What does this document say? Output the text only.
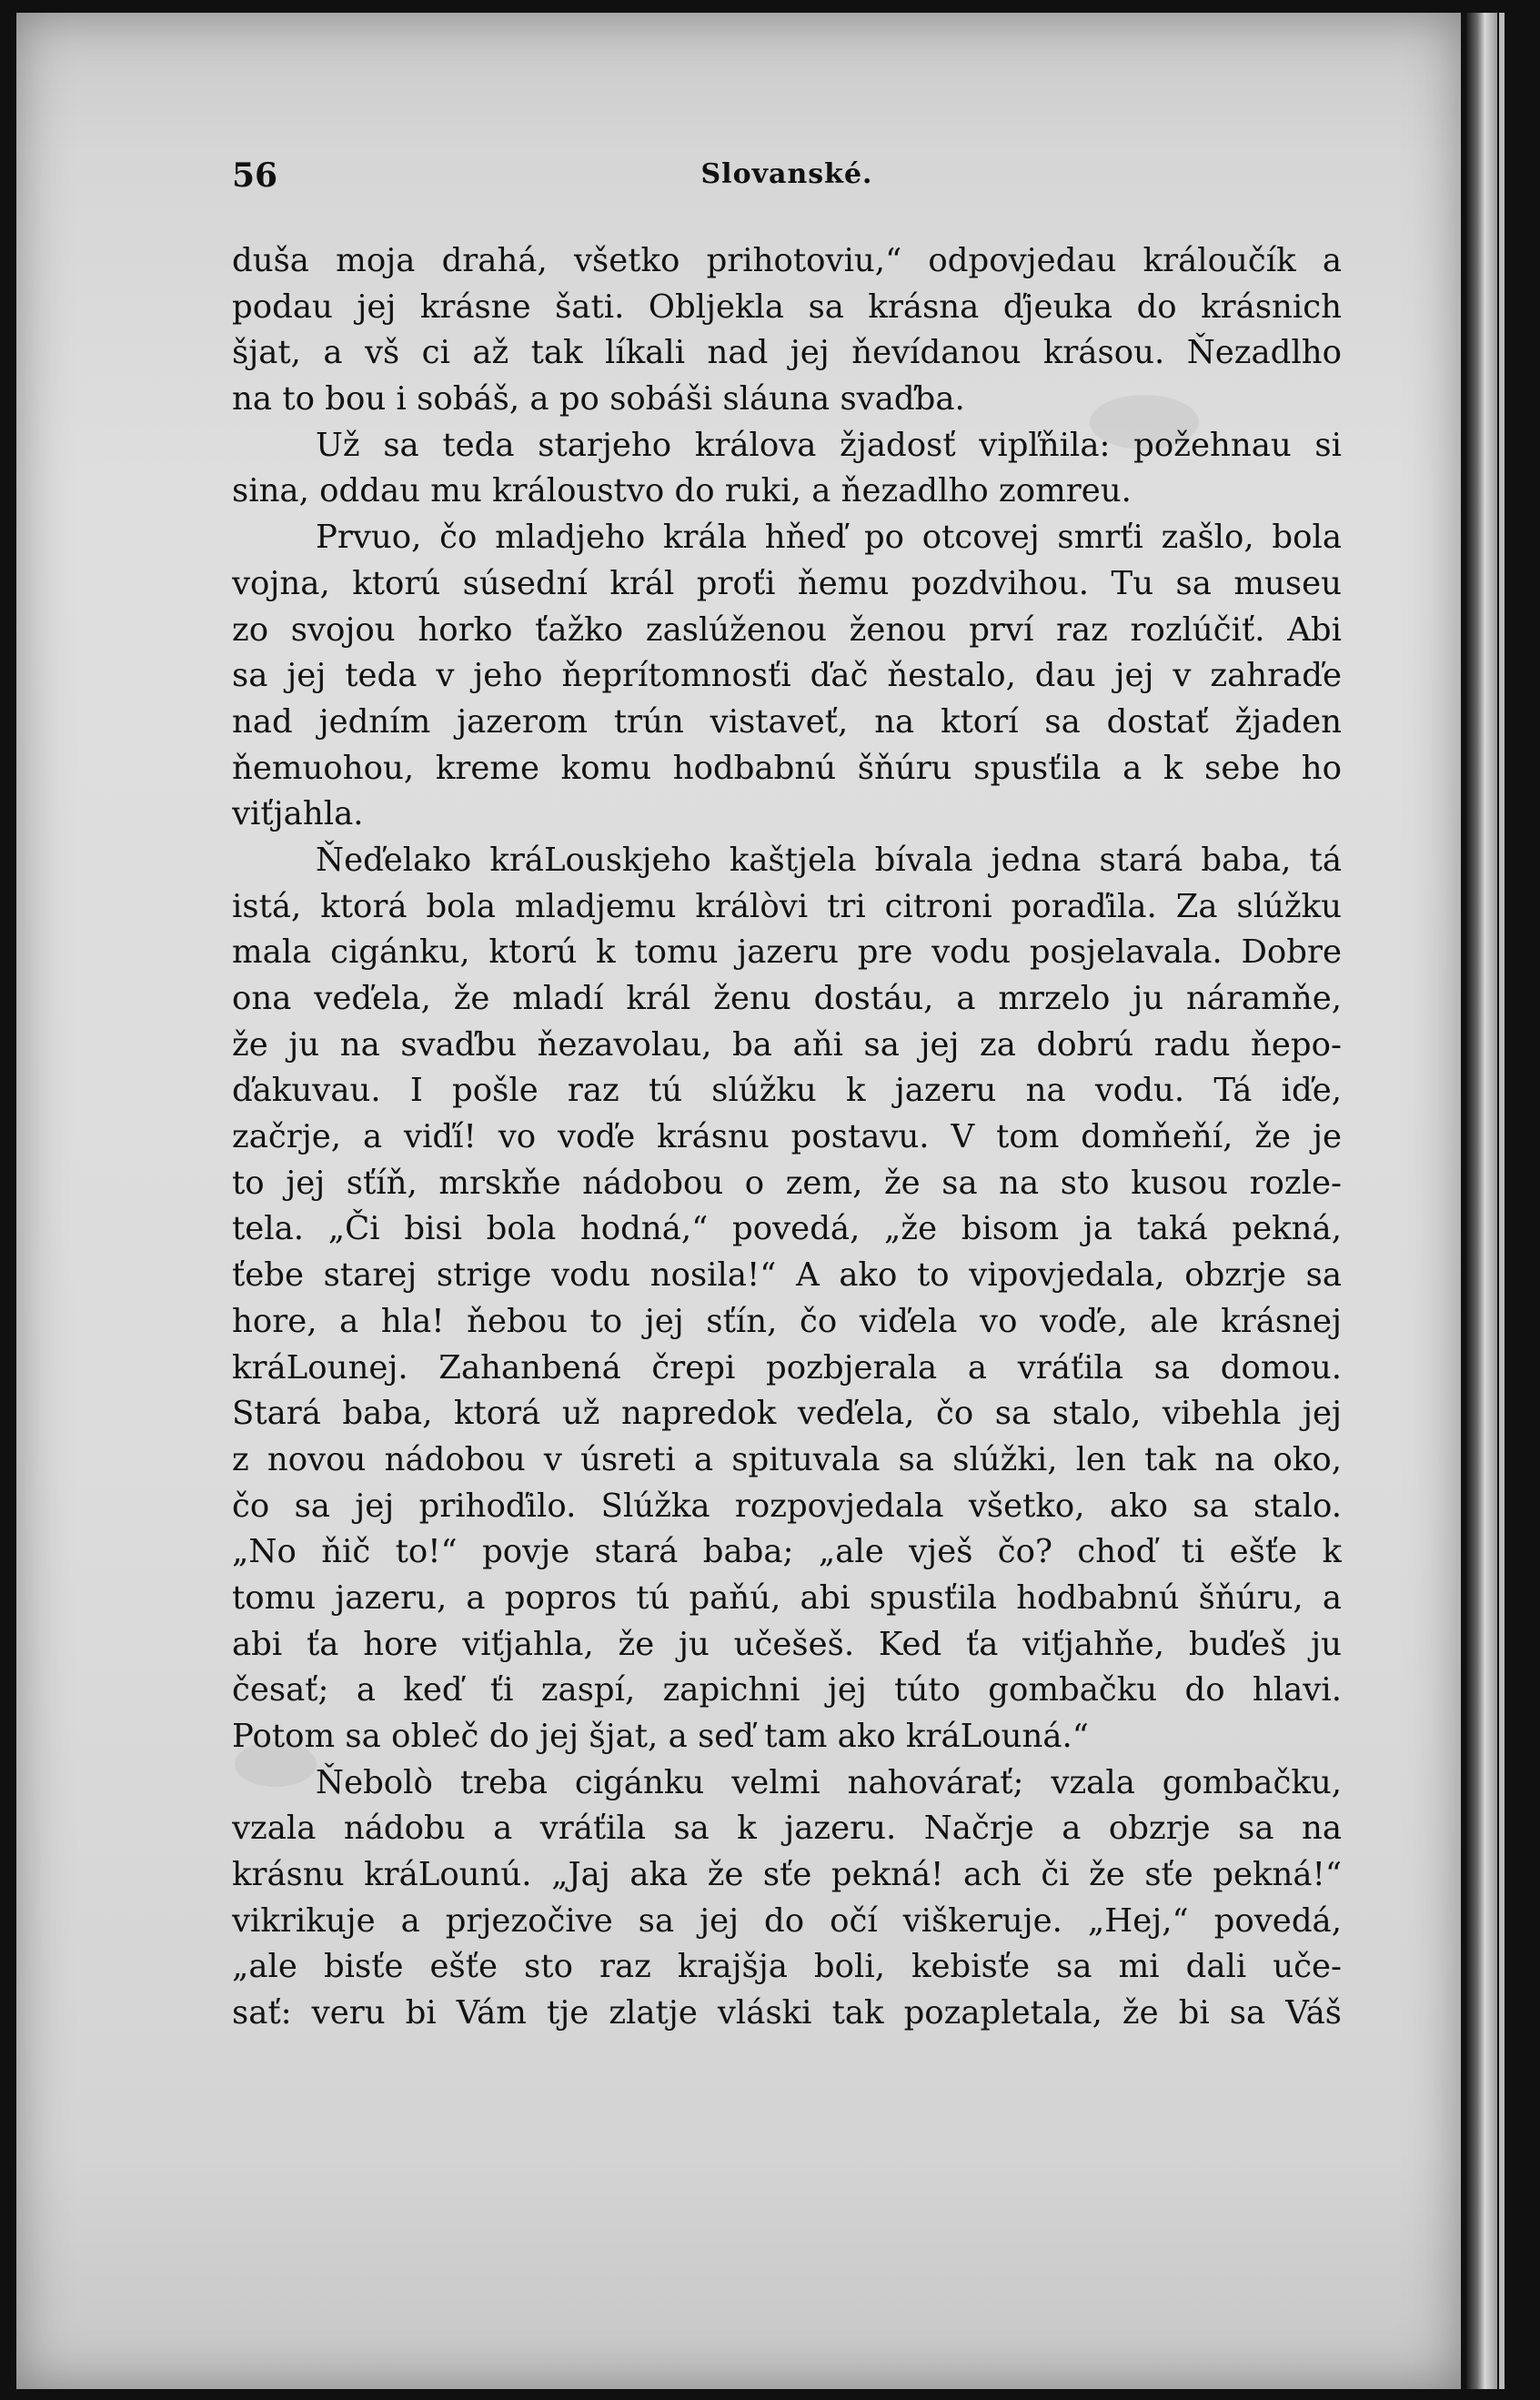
56	Slovanské.
duša moja drahá, všetko prihotoviu,“ odpovjedau králoučík a
podau jej krásne šati. Obljekla sa krásna ďjeuka do krásnich
šjat, a vš ci až tak líkali nad jej ňevídanou krásou. Ňezadlho
na to bou i sobáš, a po sobáši sláuna svaďba.
Už sa teda starjeho králova žjadosť vipľňila: požehnau si
sina, oddau mu králoustvo do ruki, a ňezadlho zomreu.
Prvuo, čo mladjeho krála hňeď po otcovej smrťi zašlo, bola
vojna, ktorú súsední král proťi ňemu pozdvihou. Tu sa museu
zo svojou horko ťažko zaslúženou ženou prví raz rozlúčiť. Abi
sa jej teda v jeho ňeprítomnosťi ďač ňestalo, dau jej v zahraďe
nad jedním jazerom trún vistaveť, na ktorí sa dostať žjaden
ňemuohou, kreme komu hodbabnú šňúru spusťila a k sebe ho
viťjahla.
Ňeďelako kráLouskjeho kaštjela bívala jedna stará baba, tá
istá, ktorá bola mladjemu králòvi tri citroni poraďila. Za slúžku
mala cigánku, ktorú k tomu jazeru pre vodu posjelavala. Dobre
ona veďela, že mladí král ženu dostáu, a mrzelo ju náramňe,
že ju na svaďbu ňezavolau, ba aňi sa jej za dobrú radu ňepo-
ďakuvau. I pošle raz tú slúžku k jazeru na vodu. Tá iďe,
začrje, a viďí! vo voďe krásnu postavu. V tom domňeňí, že je
to jej sťíň, mrskňe nádobou o zem, že sa na sto kusou rozle-
tela. „Či bisi bola hodná,“ povedá, „že bisom ja taká pekná,
ťebe starej strige vodu nosila!“ A ako to vipovjedala, obzrje sa
hore, a hla! ňebou to jej sťín, čo viďela vo voďe, ale krásnej
kráLounej. Zahanbená črepi pozbjerala a vráťila sa domou.
Stará baba, ktorá už napredok veďela, čo sa stalo, vibehla jej
z novou nádobou v úsreti a spituvala sa slúžki, len tak na oko,
čo sa jej prihoďilo. Slúžka rozpovjedala všetko, ako sa stalo.
„No ňič to!“ povje stará baba; „ale vješ čo? choď ti ešťe k
tomu jazeru, a popros tú paňú, abi spusťila hodbabnú šňúru, a
abi ťa hore viťjahla, že ju učešeš. Ked ťa viťjahňe, buďeš ju
česať; a keď ťi zaspí, zapichni jej túto gombačku do hlavi.
Potom sa obleč do jej šjat, a seď tam ako kráLouná.“
Ňebolò treba cigánku velmi nahovárať; vzala gombačku,
vzala nádobu a vráťila sa k jazeru. Načrje a obzrje sa na
krásnu kráLounú. „Jaj aka že sťe pekná! ach či že sťe pekná!“
vikrikuje a prjezočive sa jej do očí viškeruje. „Hej,“ povedá,
„ale bisťe ešťe sto raz krajšja boli, kebisťe sa mi dali uče-
sať: veru bi Vám tje zlatje vláski tak pozapletala, že bi sa Váš
